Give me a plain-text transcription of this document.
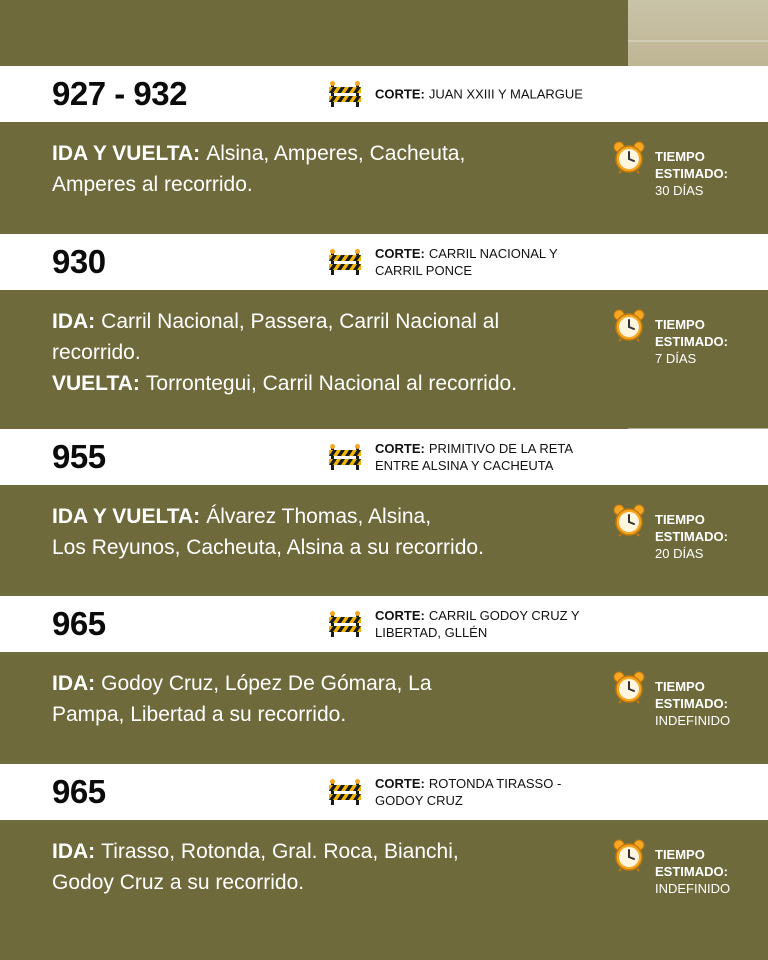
927 - 932	CORTE: JUAN XXIII Y MALARGUE
IDA Y VUELTA: Alsina, Amperes, Cacheuta,
Amperes al recorrido.
TIEMPO
ESTIMADO:
30 DÍAS
930	CORTE: CARRIL NACIONAL Y
CARRIL PONCE
IDA: Carril Nacional, Passera, Carril Nacional al
recorrido.
VUELTA: Torrontegui, Carril Nacional al recorrido.
TIEMPO
ESTIMADO:
7 DÍAS
955	CORTE: PRIMITIVO DE LA RETA
ENTRE ALSINA Y CACHEUTA
IDA Y VUELTA: Álvarez Thomas, Alsina,
Los Reyunos, Cacheuta, Alsina a su recorrido.
TIEMPO
ESTIMADO:
20 DÍAS
965	CORTE: CARRIL GODOY CRUZ Y
LIBERTAD, GLLÉN
IDA: Godoy Cruz, López De Gómara, La
Pampa, Libertad a su recorrido.
TIEMPO
ESTIMADO:
INDEFINIDO
965	CORTE: ROTONDA TIRASSO -
GODOY CRUZ
IDA: Tirasso, Rotonda, Gral. Roca, Bianchi,
Godoy Cruz a su recorrido.
TIEMPO
ESTIMADO:
INDEFINIDO
